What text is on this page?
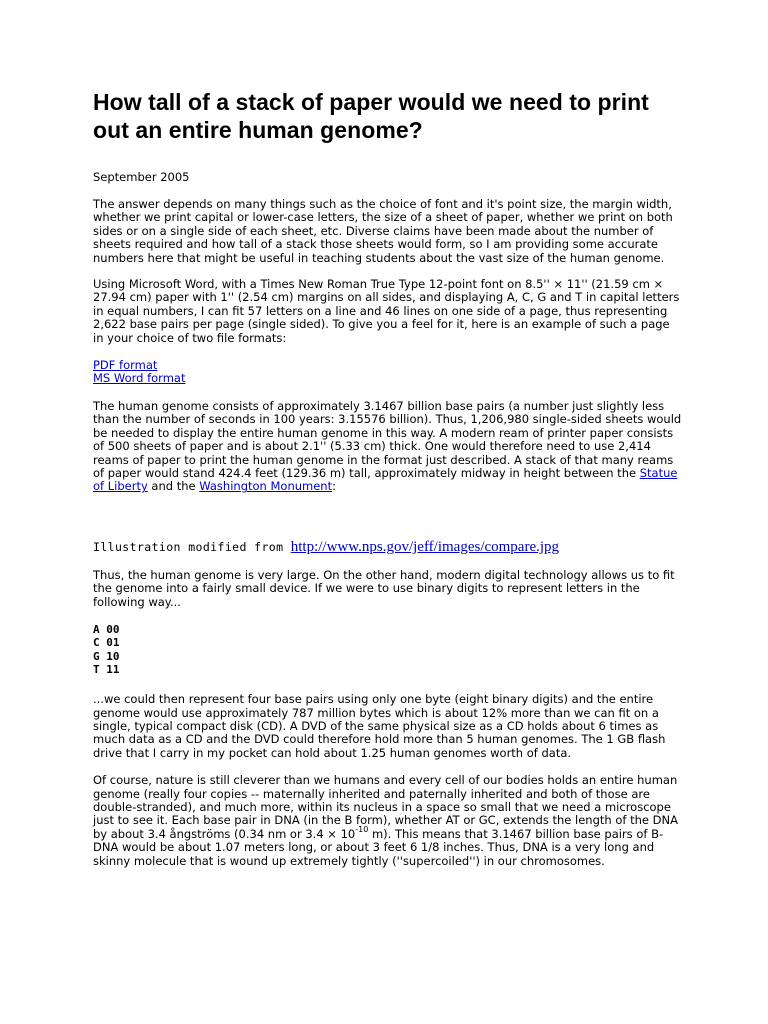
How tall of a stack of paper would we need to print out an entire human genome?
September 2005

The answer depends on many things such as the choice of font and it's point size, the margin width, whether we print capital or lower-case letters, the size of a sheet of paper, whether we print on both sides or on a single side of each sheet, etc. Diverse claims have been made about the number of sheets required and how tall of a stack those sheets would form, so I am providing some accurate numbers here that might be useful in teaching students about the vast size of the human genome.

Using Microsoft Word, with a Times New Roman True Type 12-point font on 8.5'' × 11'' (21.59 cm × 27.94 cm) paper with 1'' (2.54 cm) margins on all sides, and displaying A, C, G and T in capital letters in equal numbers, I can fit 57 letters on a line and 46 lines on one side of a page, thus representing 2,622 base pairs per page (single sided). To give you a feel for it, here is an example of such a page in your choice of two file formats:

PDF format
MS Word format

The human genome consists of approximately 3.1467 billion base pairs (a number just slightly less than the number of seconds in 100 years: 3.15576 billion). Thus, 1,206,980 single-sided sheets would be needed to display the entire human genome in this way. A modern ream of printer paper consists of 500 sheets of paper and is about 2.1'' (5.33 cm) thick. One would therefore need to use 2,414 reams of paper to print the human genome in the format just described. A stack of that many reams of paper would stand 424.4 feet (129.36 m) tall, approximately midway in height between the Statue of Liberty and the Washington Monument:

Illustration modified from http://www.nps.gov/jeff/images/compare.jpg

Thus, the human genome is very large. On the other hand, modern digital technology allows us to fit the genome into a fairly small device. If we were to use binary digits to represent letters in the following way...

A 00
C 01
G 10
T 11

...we could then represent four base pairs using only one byte (eight binary digits) and the entire genome would use approximately 787 million bytes which is about 12% more than we can fit on a single, typical compact disk (CD). A DVD of the same physical size as a CD holds about 6 times as much data as a CD and the DVD could therefore hold more than 5 human genomes. The 1 GB flash drive that I carry in my pocket can hold about 1.25 human genomes worth of data.

Of course, nature is still cleverer than we humans and every cell of our bodies holds an entire human genome (really four copies -- maternally inherited and paternally inherited and both of those are double-stranded), and much more, within its nucleus in a space so small that we need a microscope just to see it. Each base pair in DNA (in the B form), whether AT or GC, extends the length of the DNA by about 3.4 ångströms (0.34 nm or $3.4 \times 10^{-10}$ m). This means that 3.1467 billion base pairs of B-DNA would be about 1.07 meters long, or about 3 feet 6 1/8 inches. Thus, DNA is a very long and skinny molecule that is wound up extremely tightly (''supercoiled'') in our chromosomes.
